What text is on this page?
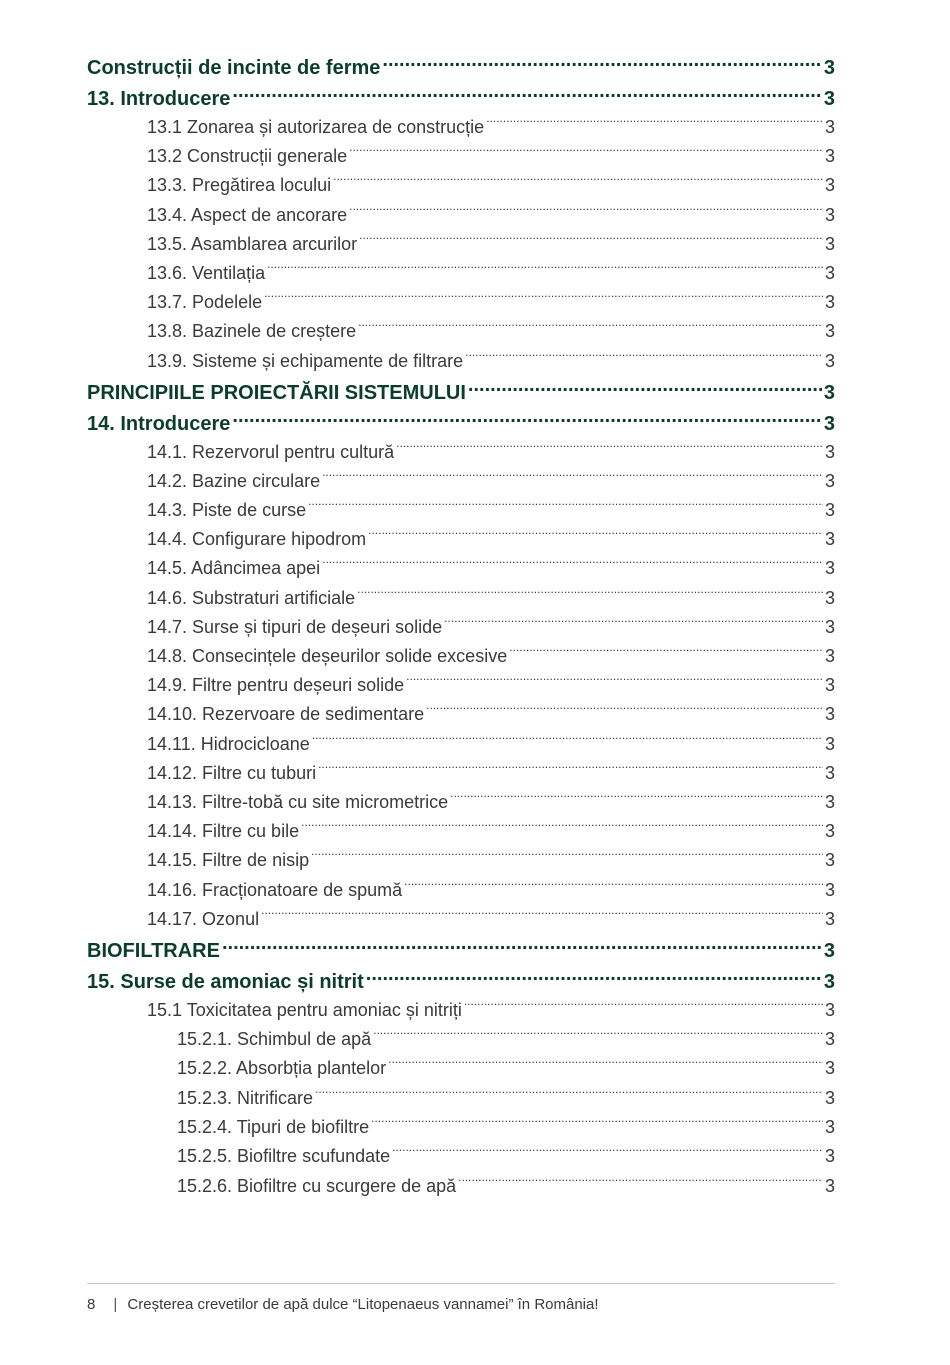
Construcții de incinte de ferme .....	3
13. Introducere .....	3
13.1 Zonarea și autorizarea de construcție .....	3
13.2 Construcții generale .....	3
13.3. Pregătirea locului .....	3
13.4. Aspect de ancorare .....	3
13.5. Asamblarea arcurilor .....	3
13.6. Ventilația .....	3
13.7. Podelele .....	3
13.8. Bazinele de creștere .....	3
13.9. Sisteme și echipamente de filtrare .....	3
PRINCIPIILE PROIECTĂRII SISTEMULUI .....	3
14. Introducere .....	3
14.1. Rezervorul pentru cultură .....	3
14.2. Bazine circulare .....	3
14.3. Piste de curse .....	3
14.4. Configurare hipodrom .....	3
14.5. Adâncimea apei .....	3
14.6. Substraturi artificiale .....	3
14.7. Surse și tipuri de deșeuri solide .....	3
14.8. Consecințele deșeurilor solide excesive .....	3
14.9. Filtre pentru deșeuri solide .....	3
14.10. Rezervoare de sedimentare .....	3
14.11. Hidrocicloane .....	3
14.12. Filtre cu tuburi .....	3
14.13. Filtre-tobă cu site micrometrice .....	3
14.14. Filtre cu bile .....	3
14.15. Filtre de nisip .....	3
14.16. Fracționatoare de spumă .....	3
14.17. Ozonul .....	3
BIOFILTRARE .....	3
15. Surse de amoniac și nitrit .....	3
15.1 Toxicitatea pentru amoniac și nitriți .....	3
15.2.1. Schimbul de apă .....	3
15.2.2. Absorbția plantelor .....	3
15.2.3. Nitrificare .....	3
15.2.4. Tipuri de biofiltre .....	3
15.2.5. Biofiltre scufundate .....	3
15.2.6. Biofiltre cu scurgere de apă .....	3
8 | Creșterea crevetilor de apă dulce “Litopenaeus vannamei” în România!
